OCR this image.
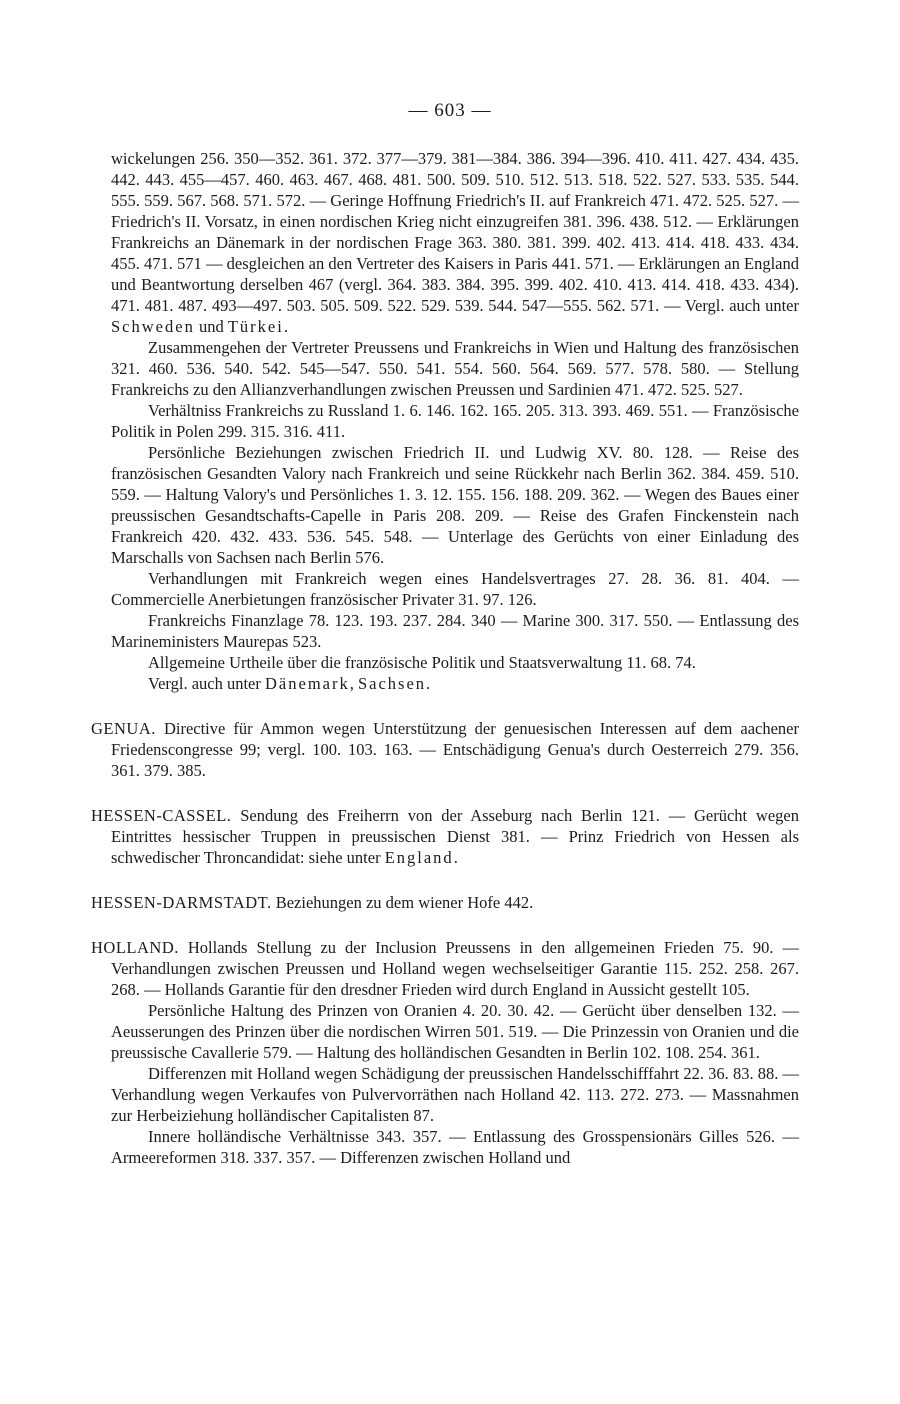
— 603 —

wickelungen 256. 350—352. 361. 372. 377—379. 381—384. 386. 394—396. 410. 411. 427. 434. 435. 442. 443. 455—457. 460. 463. 467. 468. 481. 500. 509. 510. 512. 513. 518. 522. 527. 533. 535. 544. 555. 559. 567. 568. 571. 572. — Geringe Hoffnung Friedrich's II. auf Frankreich 471. 472. 525. 527. — Friedrich's II. Vorsatz, in einen nordischen Krieg nicht einzugreifen 381. 396. 438. 512. — Erklärungen Frankreichs an Dänemark in der nordischen Frage 363. 380. 381. 399. 402. 413. 414. 418. 433. 434. 455. 471. 571 — desgleichen an den Vertreter des Kaisers in Paris 441. 571. — Erklärungen an England und Beantwortung derselben 467 (vergl. 364. 383. 384. 395. 399. 402. 410. 413. 414. 418. 433. 434). 471. 481. 487. 493—497. 503. 505. 509. 522. 529. 539. 544. 547—555. 562. 571. — Vergl. auch unter Schweden und Türkei.

Zusammengehen der Vertreter Preussens und Frankreichs in Wien und Haltung des französischen 321. 460. 536. 540. 542. 545—547. 550. 541. 554. 560. 564. 569. 577. 578. 580. — Stellung Frankreichs zu den Allianzverhandlungen zwischen Preussen und Sardinien 471. 472. 525. 527.

Verhältniss Frankreichs zu Russland 1. 6. 146. 162. 165. 205. 313. 393. 469. 551. — Französische Politik in Polen 299. 315. 316. 411.

Persönliche Beziehungen zwischen Friedrich II. und Ludwig XV. 80. 128. — Reise des französischen Gesandten Valory nach Frankreich und seine Rückkehr nach Berlin 362. 384. 459. 510. 559. — Haltung Valory's und Persönliches 1. 3. 12. 155. 156. 188. 209. 362. — Wegen des Baues einer preussischen Gesandtschafts-Capelle in Paris 208. 209. — Reise des Grafen Finckenstein nach Frankreich 420. 432. 433. 536. 545. 548. — Unterlage des Gerüchts von einer Einladung des Marschalls von Sachsen nach Berlin 576.

Verhandlungen mit Frankreich wegen eines Handelsvertrages 27. 28. 36. 81. 404. — Commercielle Anerbietungen französischer Privater 31. 97. 126.

Frankreichs Finanzlage 78. 123. 193. 237. 284. 340 — Marine 300. 317. 550. — Entlassung des Marineministers Maurepas 523.

Allgemeine Urtheile über die französische Politik und Staatsverwaltung 11. 68. 74.

Vergl. auch unter Dänemark, Sachsen.

GENUA. Directive für Ammon wegen Unterstützung der genuesischen Interessen auf dem aachener Friedenscongresse 99; vergl. 100. 103. 163. — Entschädigung Genua's durch Oesterreich 279. 356. 361. 379. 385.

HESSEN-CASSEL. Sendung des Freiherrn von der Asseburg nach Berlin 121. — Gerücht wegen Eintrittes hessischer Truppen in preussischen Dienst 381. — Prinz Friedrich von Hessen als schwedischer Throncandidat: siehe unter England.

HESSEN-DARMSTADT. Beziehungen zu dem wiener Hofe 442.

HOLLAND. Hollands Stellung zu der Inclusion Preussens in den allgemeinen Frieden 75. 90. — Verhandlungen zwischen Preussen und Holland wegen wechselseitiger Garantie 115. 252. 258. 267. 268. — Hollands Garantie für den dresdner Frieden wird durch England in Aussicht gestellt 105.

Persönliche Haltung des Prinzen von Oranien 4. 20. 30. 42. — Gerücht über denselben 132. — Aeusserungen des Prinzen über die nordischen Wirren 501. 519. — Die Prinzessin von Oranien und die preussische Cavallerie 579. — Haltung des holländischen Gesandten in Berlin 102. 108. 254. 361.

Differenzen mit Holland wegen Schädigung der preussischen Handelsschifffahrt 22. 36. 83. 88. — Verhandlung wegen Verkaufes von Pulvervorräthen nach Holland 42. 113. 272. 273. — Massnahmen zur Herbeiziehung holländischer Capitalisten 87.

Innere holländische Verhältnisse 343. 357. — Entlassung des Grosspensionärs Gilles 526. — Armeereformen 318. 337. 357. — Differenzen zwischen Holland und
